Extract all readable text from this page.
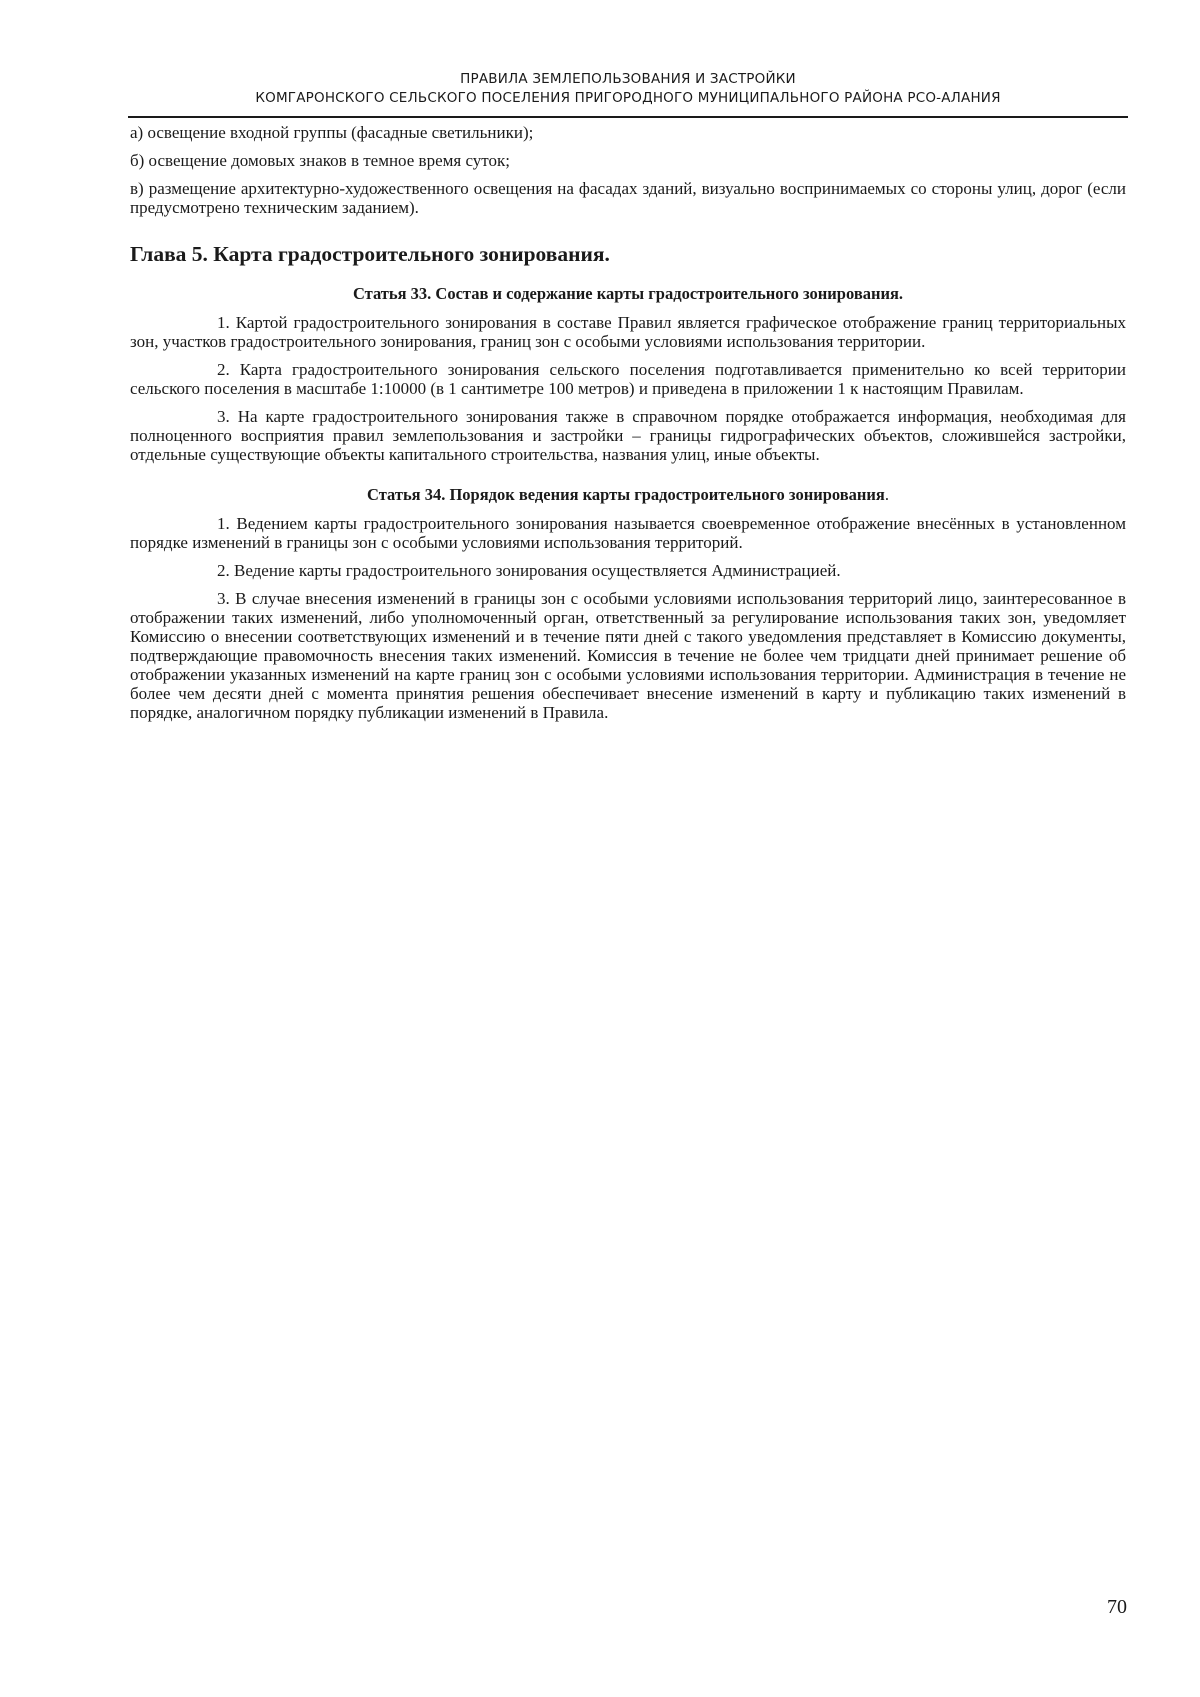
ПРАВИЛА ЗЕМЛЕПОЛЬЗОВАНИЯ И ЗАСТРОЙКИ
КОМГАРОНСКОГО СЕЛЬСКОГО ПОСЕЛЕНИЯ ПРИГОРОДНОГО МУНИЦИПАЛЬНОГО РАЙОНА РСО-АЛАНИЯ

а) освещение входной группы (фасадные светильники);

б) освещение домовых знаков в темное время суток;

в) размещение архитектурно-художественного освещения на фасадах зданий, визуально воспринимаемых со стороны улиц, дорог (если предусмотрено техническим заданием).

Глава 5. Карта градостроительного зонирования.
Статья 33. Состав и содержание карты градостроительного зонирования.

1. Картой градостроительного зонирования в составе Правил является графическое отображение границ территориальных зон, участков градостроительного зонирования, границ зон с особыми условиями использования территории.

2. Карта градостроительного зонирования сельского поселения подготавливается применительно ко всей территории сельского поселения в масштабе 1:10000 (в 1 сантиметре 100 метров) и приведена в приложении 1 к настоящим Правилам.

3. На карте градостроительного зонирования также в справочном порядке отображается информация, необходимая для полноценного восприятия правил землепользования и застройки – границы гидрографических объектов, сложившейся застройки, отдельные существующие объекты капитального строительства, названия улиц, иные объекты.

Статья 34. Порядок ведения карты градостроительного зонирования.

1. Ведением карты градостроительного зонирования называется своевременное отображение внесённых в установленном порядке изменений в границы зон с особыми условиями использования территорий.

2. Ведение карты градостроительного зонирования осуществляется Администрацией.

3. В случае внесения изменений в границы зон с особыми условиями использования территорий лицо, заинтересованное в отображении таких изменений, либо уполномоченный орган, ответственный за регулирование использования таких зон, уведомляет Комиссию о внесении соответствующих изменений и в течение пяти дней с такого уведомления представляет в Комиссию документы, подтверждающие правомочность внесения таких изменений. Комиссия в течение не более чем тридцати дней принимает решение об отображении указанных изменений на карте границ зон с особыми условиями использования территории. Администрация в течение не более чем десяти дней с момента принятия решения обеспечивает внесение изменений в карту и публикацию таких изменений в порядке, аналогичном порядку публикации изменений в Правила.

70
